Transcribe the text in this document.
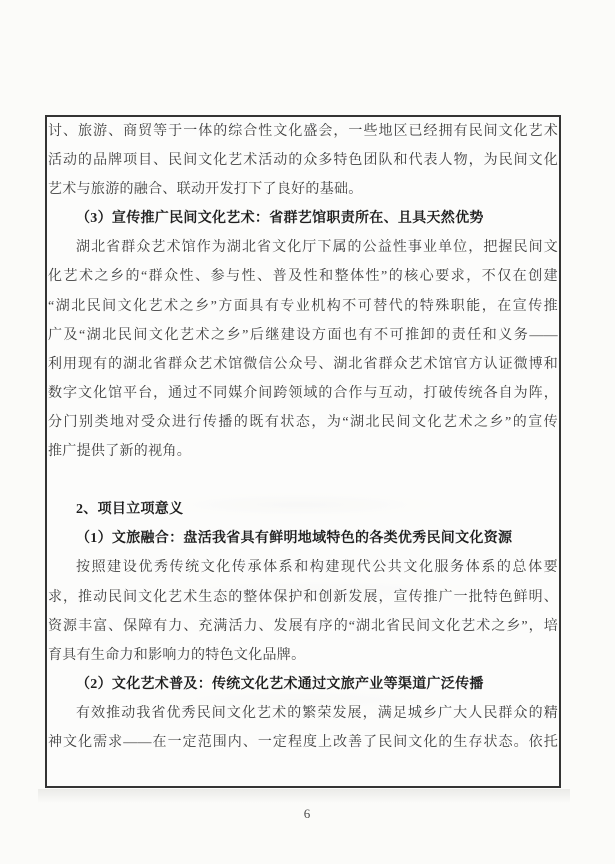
讨、旅游、商贸等于一体的综合性文化盛会，一些地区已经拥有民间文化艺术
活动的品牌项目、民间文化艺术活动的众多特色团队和代表人物，为民间文化
艺术与旅游的融合、联动开发打下了良好的基础。
（3）宣传推广民间文化艺术：省群艺馆职责所在、且具天然优势
湖北省群众艺术馆作为湖北省文化厅下属的公益性事业单位，把握民间文
化艺术之乡的“群众性、参与性、普及性和整体性”的核心要求，不仅在创建
“湖北民间文化艺术之乡”方面具有专业机构不可替代的特殊职能，在宣传推
广及“湖北民间文化艺术之乡”后继建设方面也有不可推卸的责任和义务——
利用现有的湖北省群众艺术馆微信公众号、湖北省群众艺术馆官方认证微博和
数字文化馆平台，通过不同媒介间跨领域的合作与互动，打破传统各自为阵，
分门别类地对受众进行传播的既有状态，为“湖北民间文化艺术之乡”的宣传
推广提供了新的视角。
2、项目立项意义
（1）文旅融合：盘活我省具有鲜明地域特色的各类优秀民间文化资源
按照建设优秀传统文化传承体系和构建现代公共文化服务体系的总体要
求，推动民间文化艺术生态的整体保护和创新发展，宣传推广一批特色鲜明、
资源丰富、保障有力、充满活力、发展有序的“湖北省民间文化艺术之乡”，培
育具有生命力和影响力的特色文化品牌。
（2）文化艺术普及：传统文化艺术通过文旅产业等渠道广泛传播
有效推动我省优秀民间文化艺术的繁荣发展，满足城乡广大人民群众的精
神文化需求——在一定范围内、一定程度上改善了民间文化的生存状态。依托
6
